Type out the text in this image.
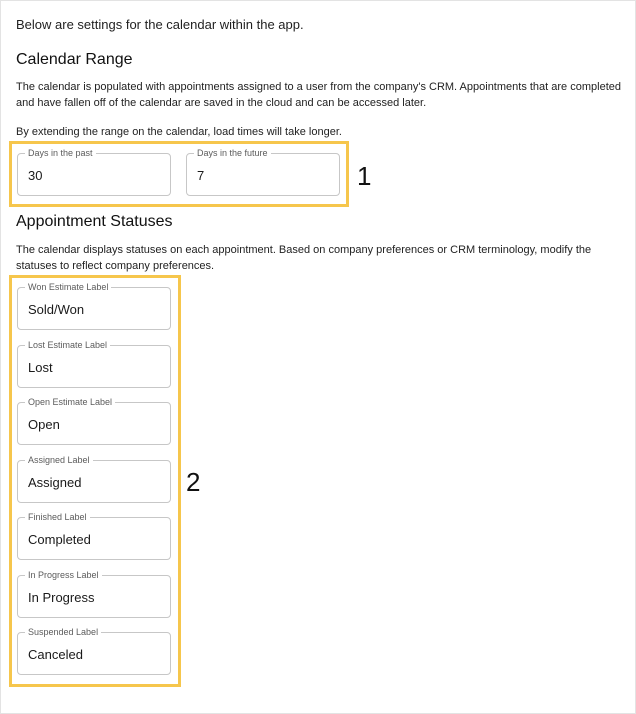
Below are settings for the calendar within the app.
Calendar Range
The calendar is populated with appointments assigned to a user from the company's CRM. Appointments that are completed and have fallen off of the calendar are saved in the cloud and can be accessed later.
By extending the range on the calendar, load times will take longer.
Days in the past
30	Days in the future
7
1
Appointment Statuses
The calendar displays statuses on each appointment. Based on company preferences or CRM terminology, modify the statuses to reflect company preferences.
Won Estimate Label
Sold/Won
Lost Estimate Label
Lost
Open Estimate Label
Open
Assigned Label
Assigned
Finished Label
Completed
In Progress Label
In Progress
Suspended Label
Canceled
2
